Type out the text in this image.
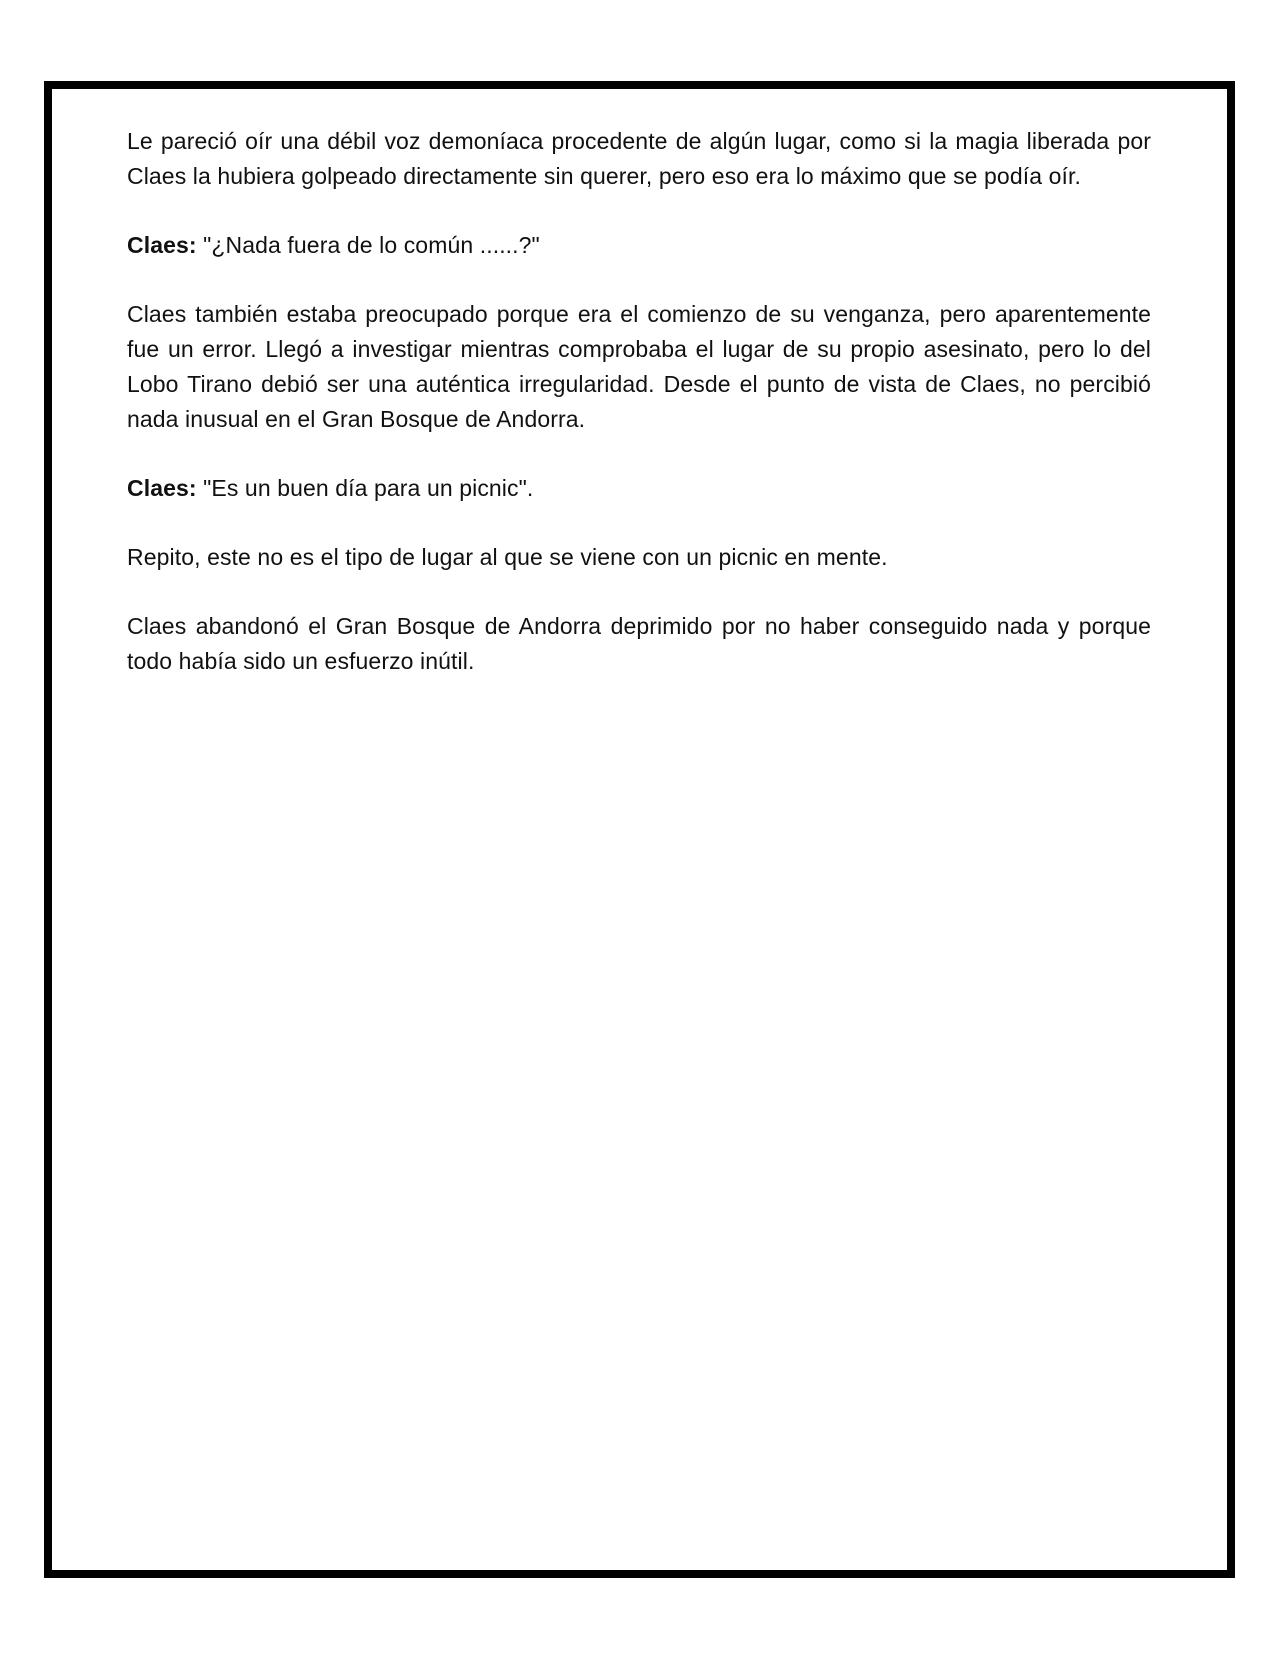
Le pareció oír una débil voz demoníaca procedente de algún lugar, como si la magia liberada por Claes la hubiera golpeado directamente sin querer, pero eso era lo máximo que se podía oír.

Claes: "¿Nada fuera de lo común ......?"

Claes también estaba preocupado porque era el comienzo de su venganza, pero aparentemente fue un error. Llegó a investigar mientras comprobaba el lugar de su propio asesinato, pero lo del Lobo Tirano debió ser una auténtica irregularidad. Desde el punto de vista de Claes, no percibió nada inusual en el Gran Bosque de Andorra.

Claes: "Es un buen día para un picnic".

Repito, este no es el tipo de lugar al que se viene con un picnic en mente.

Claes abandonó el Gran Bosque de Andorra deprimido por no haber conseguido nada y porque todo había sido un esfuerzo inútil.
